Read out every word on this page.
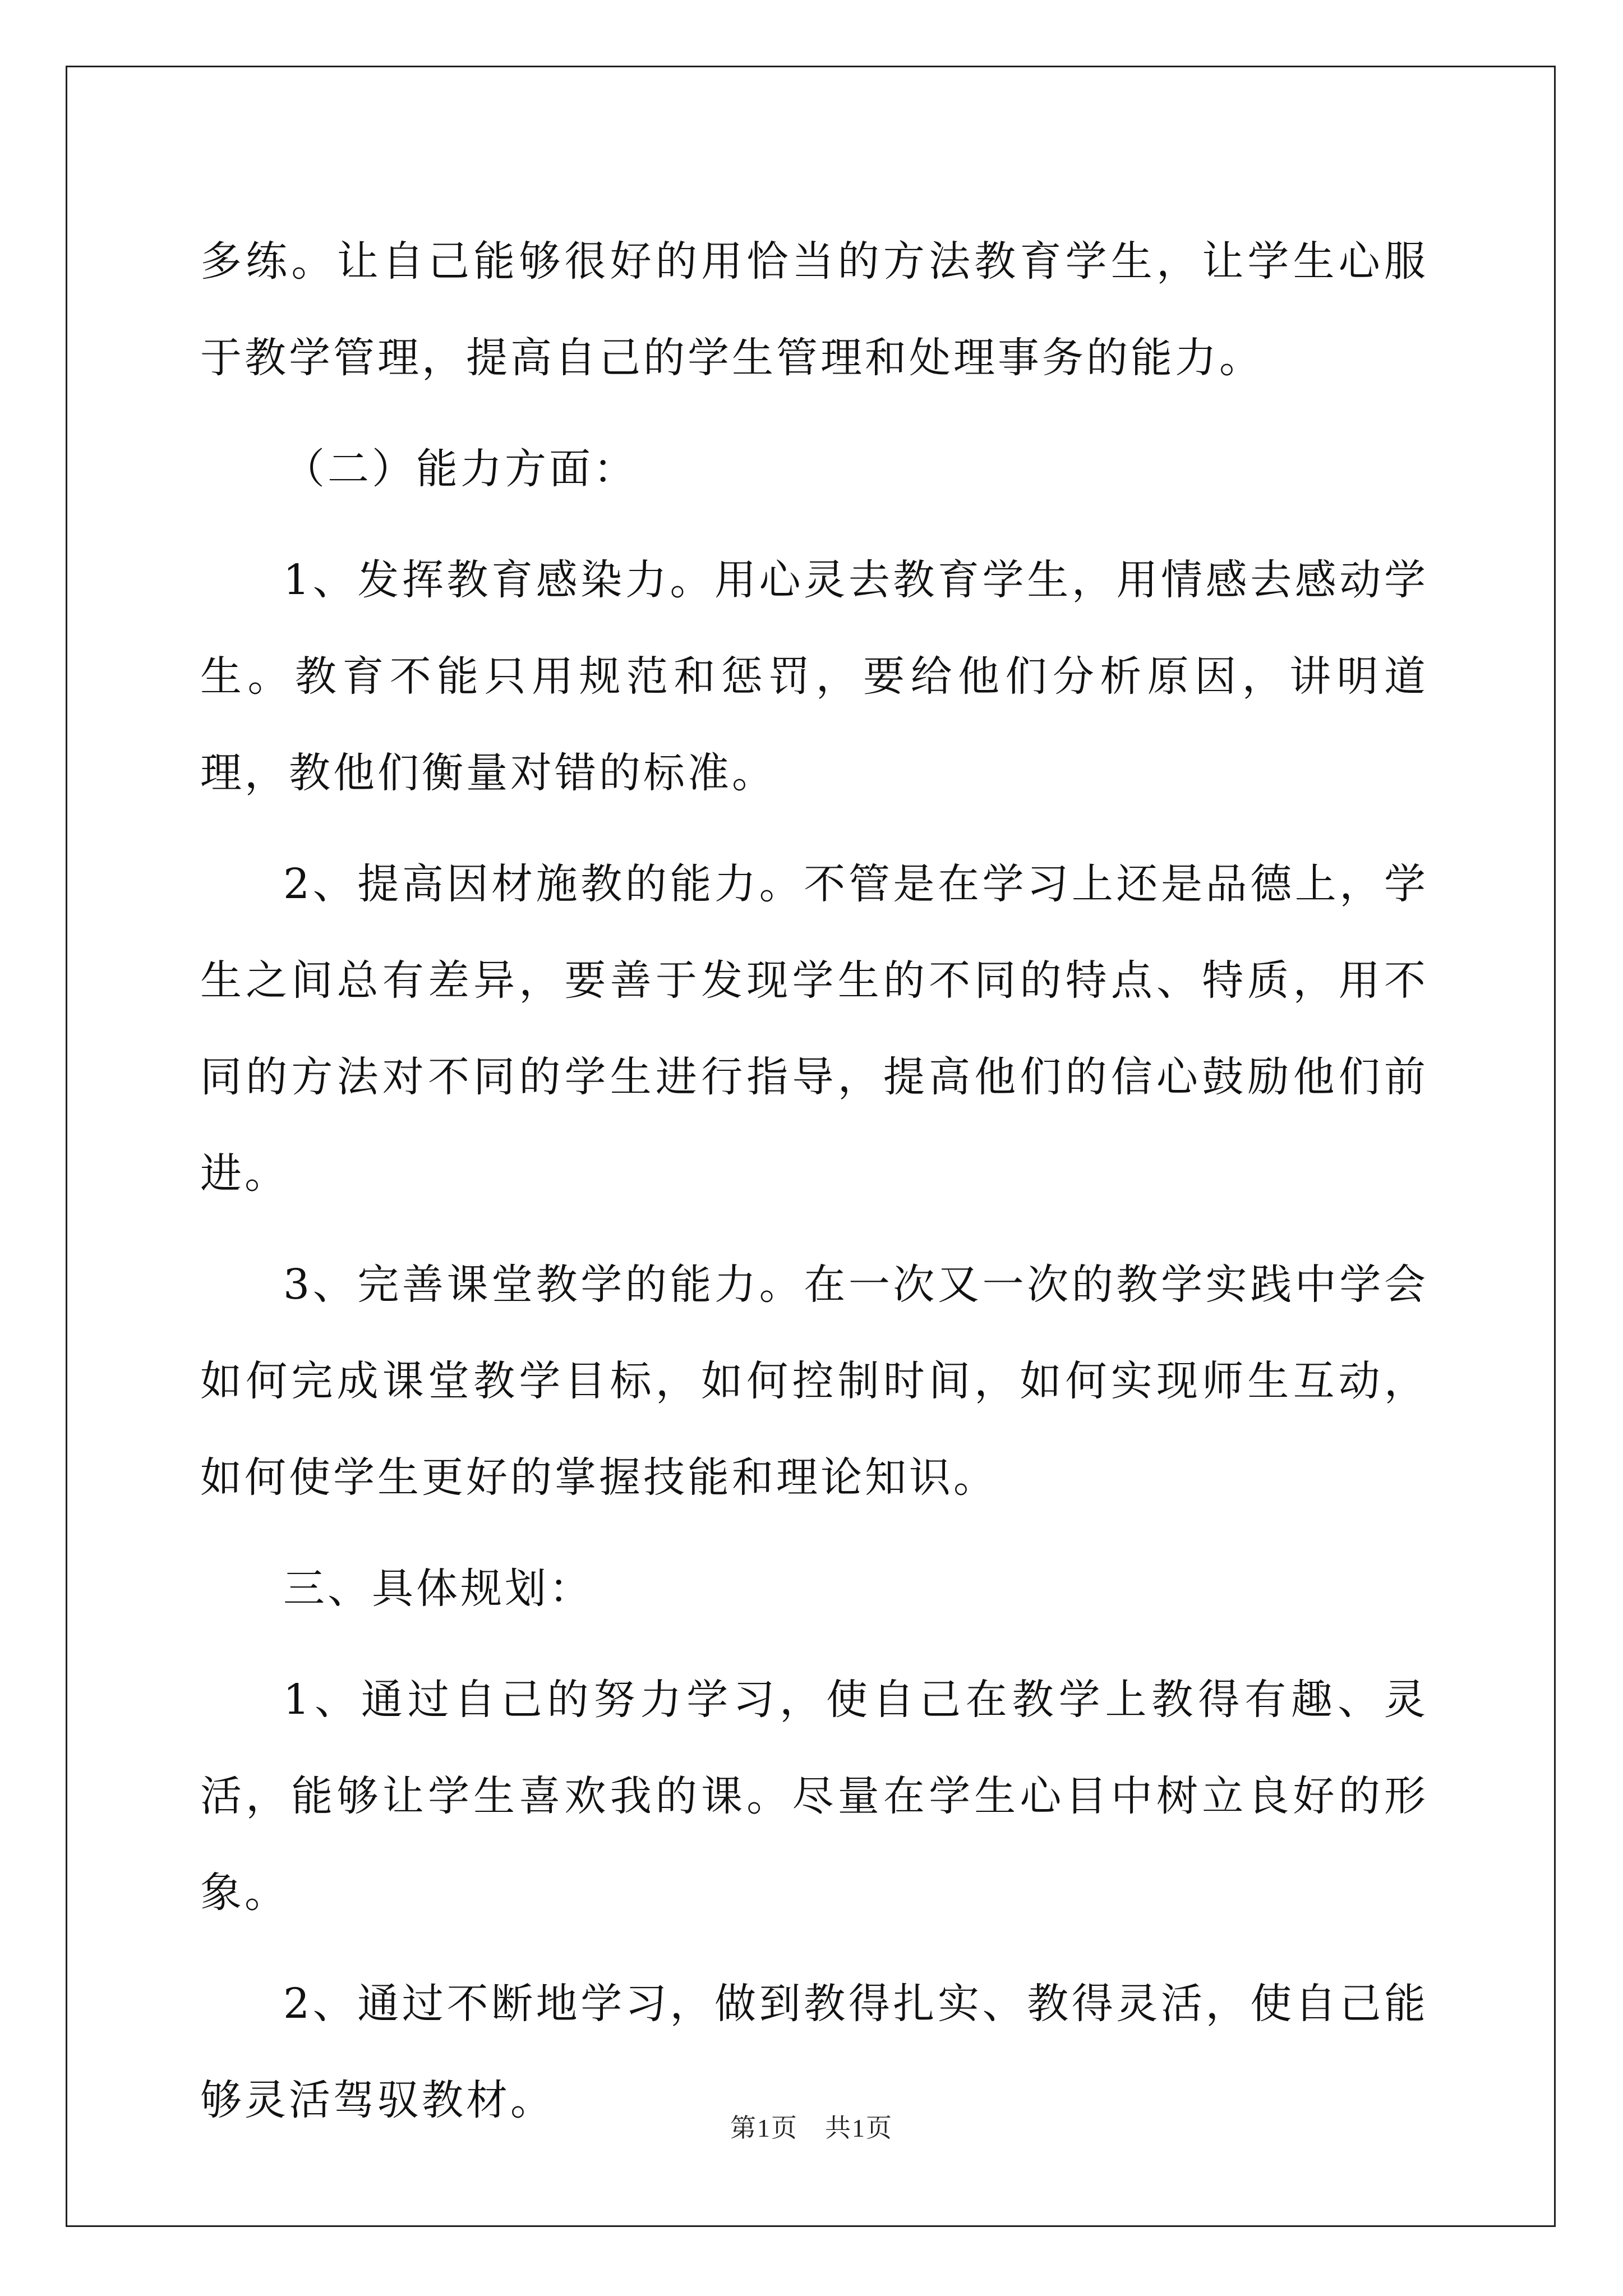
多练。让自己能够很好的用恰当的方法教育学生，让学生心服于教学管理，提高自己的学生管理和处理事务的能力。

（二）能力方面：

1、发挥教育感染力。用心灵去教育学生，用情感去感动学生。教育不能只用规范和惩罚，要给他们分析原因，讲明道理，教他们衡量对错的标准。

2、提高因材施教的能力。不管是在学习上还是品德上，学生之间总有差异，要善于发现学生的不同的特点、特质，用不同的方法对不同的学生进行指导，提高他们的信心鼓励他们前进。

3、完善课堂教学的能力。在一次又一次的教学实践中学会如何完成课堂教学目标，如何控制时间，如何实现师生互动，如何使学生更好的掌握技能和理论知识。

三、具体规划：

1、通过自己的努力学习，使自己在教学上教得有趣、灵活，能够让学生喜欢我的课。尽量在学生心目中树立良好的形象。

2、通过不断地学习，做到教得扎实、教得灵活，使自己能够灵活驾驭教材。

第1页　共1页
